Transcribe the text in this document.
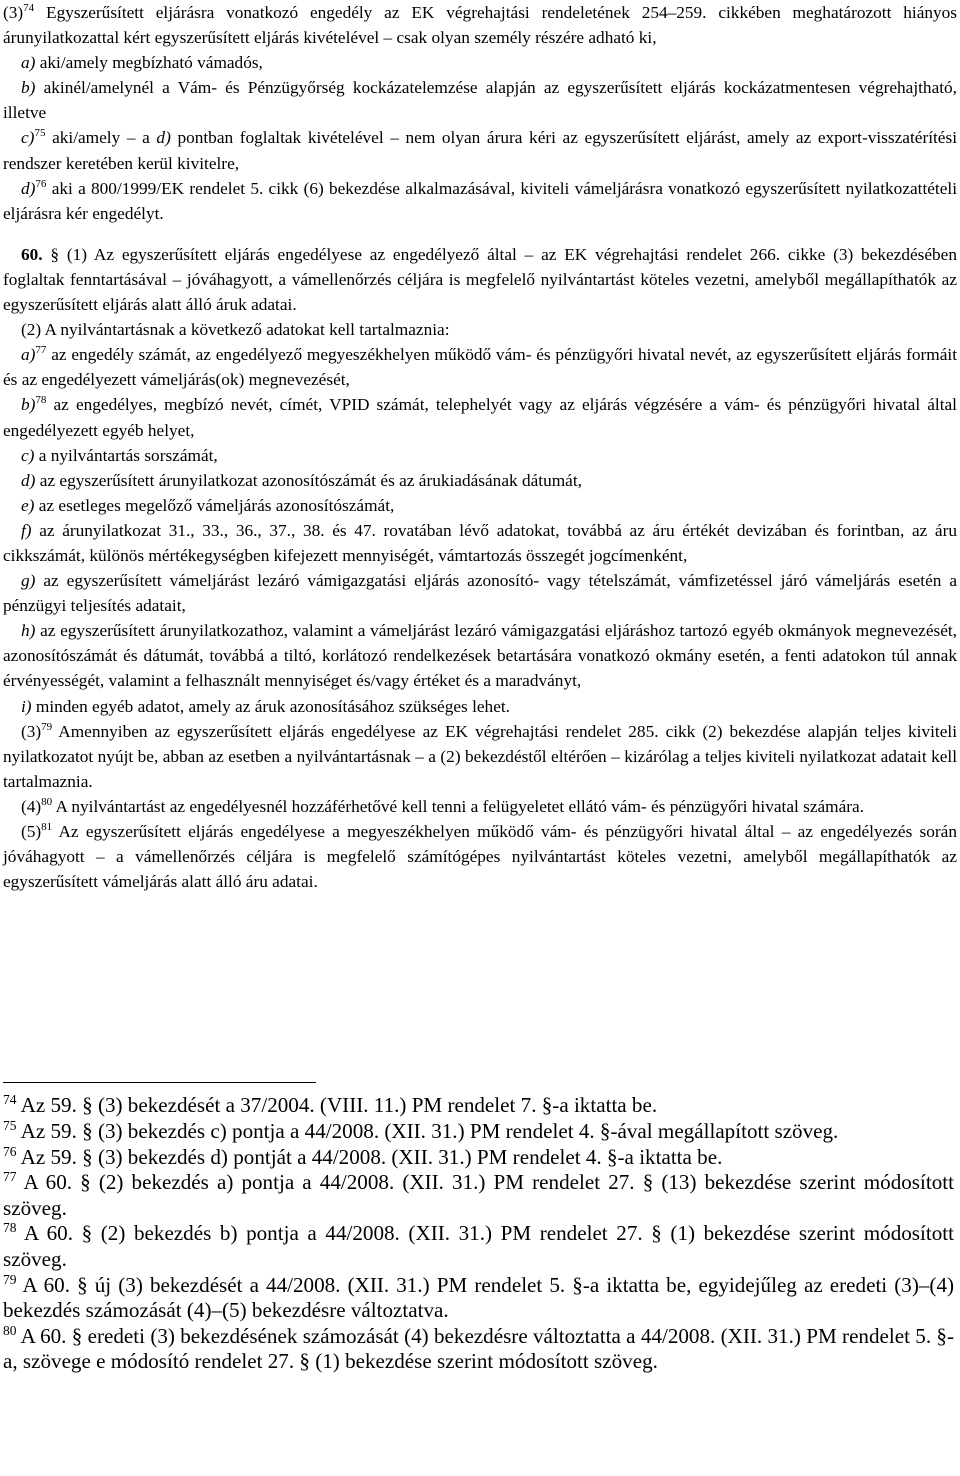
$(3)^{74}$ Egyszerűsített eljárásra vonatkozó engedély az EK végrehajtási rendeletének 254–259. cikkében meghatározott hiányos árunyilatkozattal kért egyszerűsített eljárás kivételével – csak olyan személy részére adható ki,

a) aki/amely megbízható vámadós,

b) akinél/amelynél a Vám- és Pénzügyőrség kockázatelemzése alapján az egyszerűsített eljárás kockázatmentesen végrehajtható, illetve

c)$^{75}$ aki/amely – a d) pontban foglaltak kivételével – nem olyan árura kéri az egyszerűsített eljárást, amely az export-visszatérítési rendszer keretében kerül kivitelre,

d)$^{76}$ aki a 800/1999/EK rendelet 5. cikk (6) bekezdése alkalmazásával, kiviteli vámeljárásra vonatkozó egyszerűsített nyilatkozattételi eljárásra kér engedélyt.

60. § (1) Az egyszerűsített eljárás engedélyese az engedélyező által – az EK végrehajtási rendelet 266. cikke (3) bekezdésében foglaltak fenntartásával – jóváhagyott, a vámellenőrzés céljára is megfelelő nyilvántartást köteles vezetni, amelyből megállapíthatók az egyszerűsített eljárás alatt álló áruk adatai.

(2) A nyilvántartásnak a következő adatokat kell tartalmaznia:

a)$^{77}$ az engedély számát, az engedélyező megyeszékhelyen működő vám- és pénzügyőri hivatal nevét, az egyszerűsített eljárás formáit és az engedélyezett vámeljárás(ok) megnevezését,

b)$^{78}$ az engedélyes, megbízó nevét, címét, VPID számát, telephelyét vagy az eljárás végzésére a vám- és pénzügyőri hivatal által engedélyezett egyéb helyet,

c) a nyilvántartás sorszámát,

d) az egyszerűsített árunyilatkozat azonosítószámát és az árukiadásának dátumát,

e) az esetleges megelőző vámeljárás azonosítószámát,

f) az árunyilatkozat 31., 33., 36., 37., 38. és 47. rovatában lévő adatokat, továbbá az áru értékét devizában és forintban, az áru cikkszámát, különös mértékegységben kifejezett mennyiségét, vámtartozás összegét jogcímenként,

g) az egyszerűsített vámeljárást lezáró vámigazgatási eljárás azonosító- vagy tételszámát, vámfizetéssel járó vámeljárás esetén a pénzügyi teljesítés adatait,

h) az egyszerűsített árunyilatkozathoz, valamint a vámeljárást lezáró vámigazgatási eljáráshoz tartozó egyéb okmányok megnevezését, azonosítószámát és dátumát, továbbá a tiltó, korlátozó rendelkezések betartására vonatkozó okmány esetén, a fenti adatokon túl annak érvényességét, valamint a felhasznált mennyiséget és/vagy értéket és a maradványt,

i) minden egyéb adatot, amely az áruk azonosításához szükséges lehet.

$(3)^{79}$ Amennyiben az egyszerűsített eljárás engedélyese az EK végrehajtási rendelet 285. cikk (2) bekezdése alapján teljes kiviteli nyilatkozatot nyújt be, abban az esetben a nyilvántartásnak – a (2) bekezdéstől eltérően – kizárólag a teljes kiviteli nyilatkozat adatait kell tartalmaznia.

$(4)^{80}$ A nyilvántartást az engedélyesnél hozzáférhetővé kell tenni a felügyeletet ellátó vám- és pénzügyőri hivatal számára.

$(5)^{81}$ Az egyszerűsített eljárás engedélyese a megyeszékhelyen működő vám- és pénzügyőri hivatal által – az engedélyezés során jóváhagyott – a vámellenőrzés céljára is megfelelő számítógépes nyilvántartást köteles vezetni, amelyből megállapíthatók az egyszerűsített vámeljárás alatt álló áru adatai.

$^{74}$ Az 59. § (3) bekezdését a 37/2004. (VIII. 11.) PM rendelet 7. §-a iktatta be.

$^{75}$ Az 59. § (3) bekezdés c) pontja a 44/2008. (XII. 31.) PM rendelet 4. §-ával megállapított szöveg.

$^{76}$ Az 59. § (3) bekezdés d) pontját a 44/2008. (XII. 31.) PM rendelet 4. §-a iktatta be.

$^{77}$ A 60. § (2) bekezdés a) pontja a 44/2008. (XII. 31.) PM rendelet 27. § (13) bekezdése szerint módosított szöveg.

$^{78}$ A 60. § (2) bekezdés b) pontja a 44/2008. (XII. 31.) PM rendelet 27. § (1) bekezdése szerint módosított szöveg.

$^{79}$ A 60. § új (3) bekezdését a 44/2008. (XII. 31.) PM rendelet 5. §-a iktatta be, egyidejűleg az eredeti (3)–(4) bekezdés számozását (4)–(5) bekezdésre változtatva.

$^{80}$ A 60. § eredeti (3) bekezdésének számozását (4) bekezdésre változtatta a 44/2008. (XII. 31.) PM rendelet 5. §-a, szövege e módosító rendelet 27. § (1) bekezdése szerint módosított szöveg.
